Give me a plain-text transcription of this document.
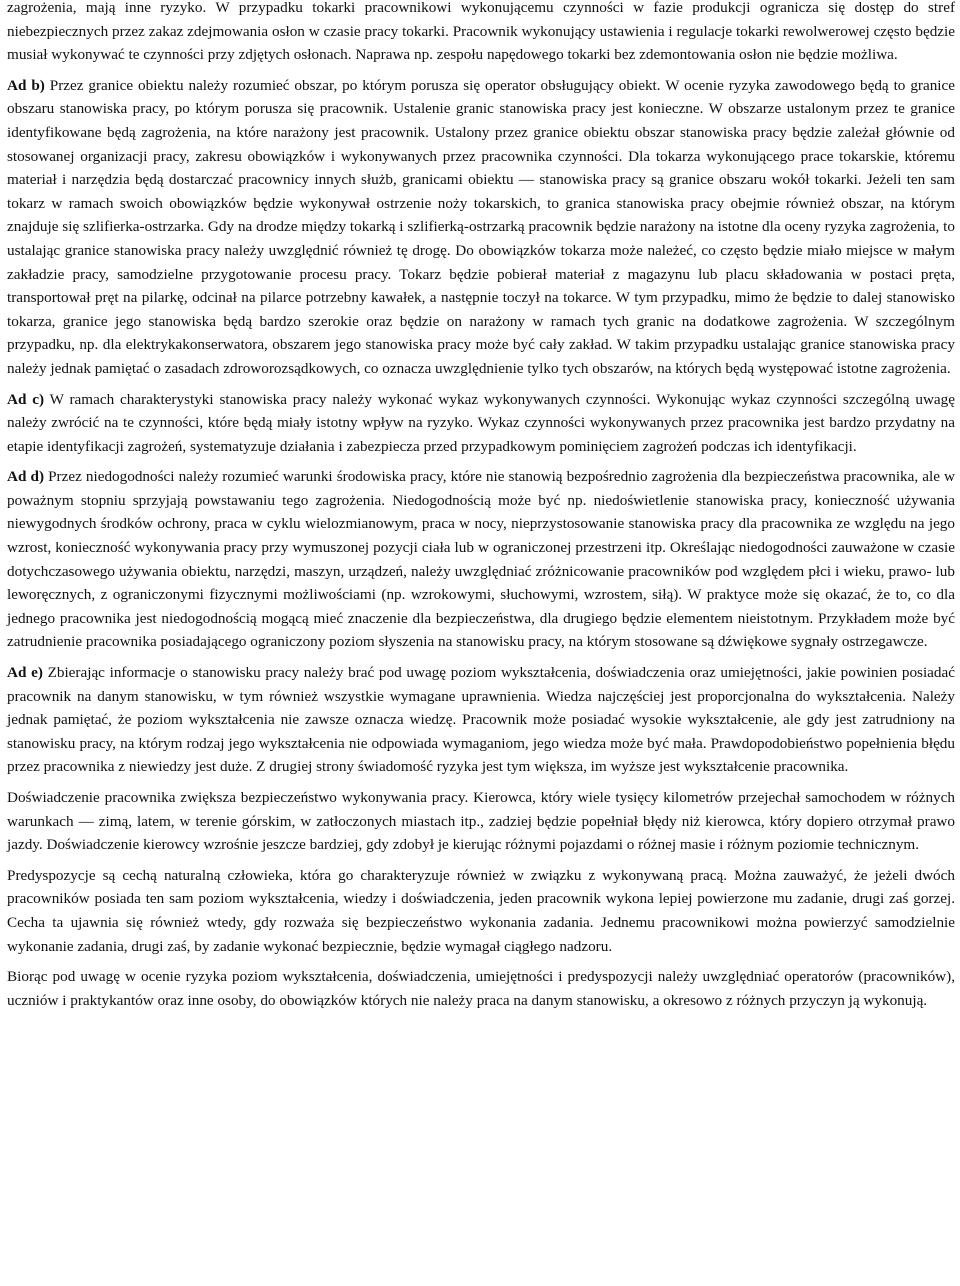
zagrożenia, mają inne ryzyko. W przypadku tokarki pracownikowi wykonującemu czynności w fazie produkcji ogranicza się dostęp do stref niebezpiecznych przez zakaz zdejmowania osłon w czasie pracy tokarki. Pracownik wykonujący ustawienia i regulacje tokarki rewolwerowej często będzie musiał wykonywać te czynności przy zdjętych osłonach. Naprawa np. zespołu napędowego tokarki bez zdemontowania osłon nie będzie możliwa.

Ad b) Przez granice obiektu należy rozumieć obszar, po którym porusza się operator obsługujący obiekt. W ocenie ryzyka zawodowego będą to granice obszaru stanowiska pracy, po którym porusza się pracownik. Ustalenie granic stanowiska pracy jest konieczne. W obszarze ustalonym przez te granice identyfikowane będą zagrożenia, na które narażony jest pracownik. Ustalony przez granice obiektu obszar stanowiska pracy będzie zależał głównie od stosowanej organizacji pracy, zakresu obowiązków i wykonywanych przez pracownika czynności. Dla tokarza wykonującego prace tokarskie, któremu materiał i narzędzia będą dostarczać pracownicy innych służb, granicami obiektu — stanowiska pracy są granice obszaru wokół tokarki. Jeżeli ten sam tokarz w ramach swoich obowiązków będzie wykonywał ostrzenie noży tokarskich, to granica stanowiska pracy obejmie również obszar, na którym znajduje się szlifierka-ostrzarka. Gdy na drodze między tokarką i szlifierką-ostrzarką pracownik będzie narażony na istotne dla oceny ryzyka zagrożenia, to ustalając granice stanowiska pracy należy uwzględnić również tę drogę. Do obowiązków tokarza może należeć, co często będzie miało miejsce w małym zakładzie pracy, samodzielne przygotowanie procesu pracy. Tokarz będzie pobierał materiał z magazynu lub placu składowania w postaci pręta, transportował pręt na pilarkę, odcinał na pilarce potrzebny kawałek, a następnie toczył na tokarce. W tym przypadku, mimo że będzie to dalej stanowisko tokarza, granice jego stanowiska będą bardzo szerokie oraz będzie on narażony w ramach tych granic na dodatkowe zagrożenia. W szczególnym przypadku, np. dla elektrykakonserwatora, obszarem jego stanowiska pracy może być cały zakład. W takim przypadku ustalając granice stanowiska pracy należy jednak pamiętać o zasadach zdroworozsądkowych, co oznacza uwzględnienie tylko tych obszarów, na których będą występować istotne zagrożenia.

Ad c) W ramach charakterystyki stanowiska pracy należy wykonać wykaz wykonywanych czynności. Wykonując wykaz czynności szczególną uwagę należy zwrócić na te czynności, które będą miały istotny wpływ na ryzyko. Wykaz czynności wykonywanych przez pracownika jest bardzo przydatny na etapie identyfikacji zagrożeń, systematyzuje działania i zabezpiecza przed przypadkowym pominięciem zagrożeń podczas ich identyfikacji.

Ad d) Przez niedogodności należy rozumieć warunki środowiska pracy, które nie stanowią bezpośrednio zagrożenia dla bezpieczeństwa pracownika, ale w poważnym stopniu sprzyjają powstawaniu tego zagrożenia. Niedogodnością może być np. niedoświetlenie stanowiska pracy, konieczność używania niewygodnych środków ochrony, praca w cyklu wielozmianowym, praca w nocy, nieprzystosowanie stanowiska pracy dla pracownika ze względu na jego wzrost, konieczność wykonywania pracy przy wymuszonej pozycji ciała lub w ograniczonej przestrzeni itp. Określając niedogodności zauważone w czasie dotychczasowego używania obiektu, narzędzi, maszyn, urządzeń, należy uwzględniać zróżnicowanie pracowników pod względem płci i wieku, prawo- lub leworęcznych, z ograniczonymi fizycznymi możliwościami (np. wzrokowymi, słuchowymi, wzrostem, siłą). W praktyce może się okazać, że to, co dla jednego pracownika jest niedogodnością mogącą mieć znaczenie dla bezpieczeństwa, dla drugiego będzie elementem nieistotnym. Przykładem może być zatrudnienie pracownika posiadającego ograniczony poziom słyszenia na stanowisku pracy, na którym stosowane są dźwiękowe sygnały ostrzegawcze.

Ad e) Zbierając informacje o stanowisku pracy należy brać pod uwagę poziom wykształcenia, doświadczenia oraz umiejętności, jakie powinien posiadać pracownik na danym stanowisku, w tym również wszystkie wymagane uprawnienia. Wiedza najczęściej jest proporcjonalna do wykształcenia. Należy jednak pamiętać, że poziom wykształcenia nie zawsze oznacza wiedzę. Pracownik może posiadać wysokie wykształcenie, ale gdy jest zatrudniony na stanowisku pracy, na którym rodzaj jego wykształcenia nie odpowiada wymaganiom, jego wiedza może być mała. Prawdopodobieństwo popełnienia błędu przez pracownika z niewiedzy jest duże. Z drugiej strony świadomość ryzyka jest tym większa, im wyższe jest wykształcenie pracownika.

Doświadczenie pracownika zwiększa bezpieczeństwo wykonywania pracy. Kierowca, który wiele tysięcy kilometrów przejechał samochodem w różnych warunkach — zimą, latem, w terenie górskim, w zatłoczonych miastach itp., zadziej będzie popełniał błędy niż kierowca, który dopiero otrzymał prawo jazdy. Doświadczenie kierowcy wzrośnie jeszcze bardziej, gdy zdobył je kierując różnymi pojazdami o różnej masie i różnym poziomie technicznym.

Predyspozycje są cechą naturalną człowieka, która go charakteryzuje również w związku z wykonywaną pracą. Można zauważyć, że jeżeli dwóch pracowników posiada ten sam poziom wykształcenia, wiedzy i doświadczenia, jeden pracownik wykona lepiej powierzone mu zadanie, drugi zaś gorzej. Cecha ta ujawnia się również wtedy, gdy rozważa się bezpieczeństwo wykonania zadania. Jednemu pracownikowi można powierzyć samodzielnie wykonanie zadania, drugi zaś, by zadanie wykonać bezpiecznie, będzie wymagał ciągłego nadzoru.

Biorąc pod uwagę w ocenie ryzyka poziom wykształcenia, doświadczenia, umiejętności i predyspozycji należy uwzględniać operatorów (pracowników), uczniów i praktykantów oraz inne osoby, do obowiązków których nie należy praca na danym stanowisku, a okresowo z różnych przyczyn ją wykonują.
